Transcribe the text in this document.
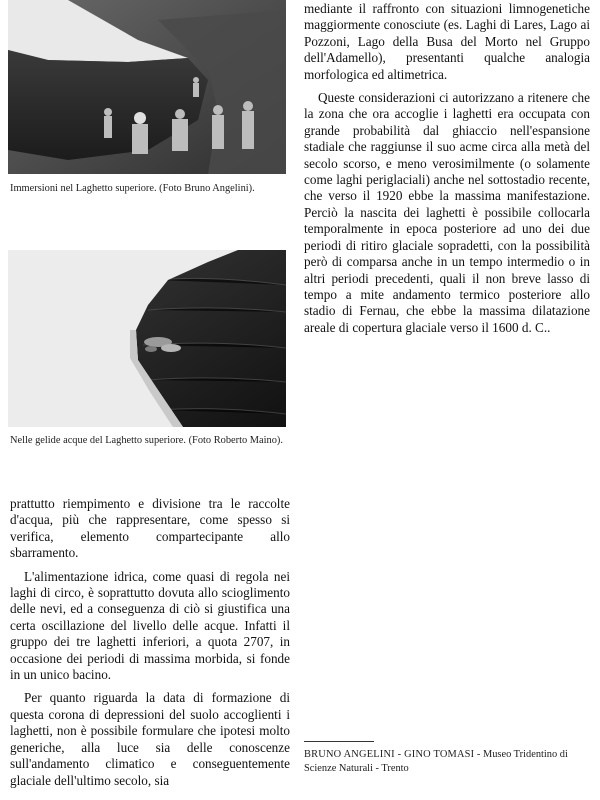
Immersioni nel Laghetto superiore. (Foto Bruno Angelini).
Nelle gelide acque del Laghetto superiore. (Foto Roberto Maino).

mediante il raffronto con situazioni limnogenetiche maggiormente conosciute (es. Laghi di Lares, Lago ai Pozzoni, Lago della Busa del Morto nel Gruppo dell'Adamello), presentanti qualche analogia morfologica ed altimetrica.

Queste considerazioni ci autorizzano a ritenere che la zona che ora accoglie i laghetti era occupata con grande probabilità dal ghiaccio nell'espansione stadiale che raggiunse il suo acme circa alla metà del secolo scorso, e meno verosimilmente (o solamente come laghi periglaciali) anche nel sottostadio recente, che verso il 1920 ebbe la massima manifestazione. Perciò la nascita dei laghetti è possibile collocarla temporalmente in epoca posteriore ad uno dei due periodi di ritiro glaciale sopradetti, con la possibilità però di comparsa anche in un tempo intermedio o in altri periodi precedenti, quali il non breve lasso di tempo a mite andamento termico posteriore allo stadio di Fernau, che ebbe la massima dilatazione areale di copertura glaciale verso il 1600 d. C..

prattutto riempimento e divisione tra le raccolte d'acqua, più che rappresentare, come spesso si verifica, elemento compartecipante allo sbarramento.

L'alimentazione idrica, come quasi di regola nei laghi di circo, è soprattutto dovuta allo scioglimento delle nevi, ed a conseguenza di ciò si giustifica una certa oscillazione del livello delle acque. Infatti il gruppo dei tre laghetti inferiori, a quota 2707, in occasione dei periodi di massima morbida, si fonde in un unico bacino.

Per quanto riguarda la data di formazione di questa corona di depressioni del suolo accoglienti i laghetti, non è possibile formulare che ipotesi molto generiche, alla luce sia delle conoscenze sull'andamento climatico e conseguentemente glaciale dell'ultimo secolo, sia

BRUNO ANGELINI - GINO TOMASI - Museo Tridentino di Scienze Naturali - Trento
